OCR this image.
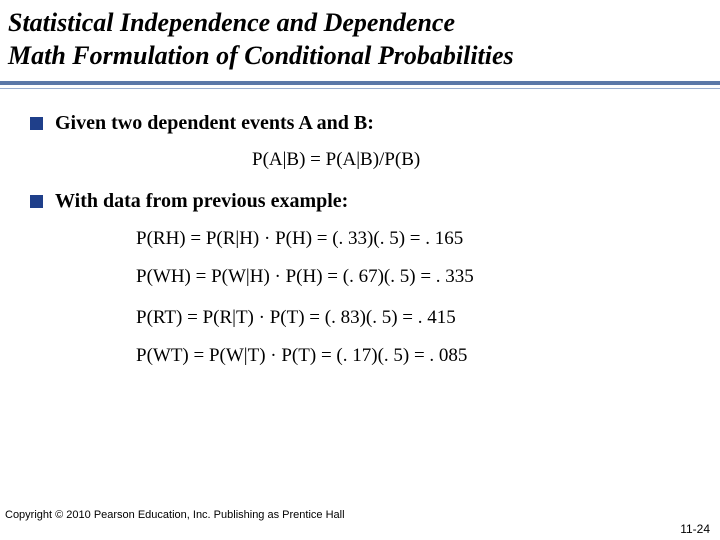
Statistical Independence and Dependence
Math Formulation of Conditional Probabilities
Given two dependent events A and B:
P(A|B) = P(A|B)/P(B)
With data from previous example:
P(RH) = P(R|H) · P(H) = (. 33)(. 5) = . 165
P(WH) = P(W|H) · P(H) = (. 67)(. 5) = . 335
P(RT) = P(R|T) · P(T) = (. 83)(. 5) = . 415
P(WT) = P(W|T) · P(T) = (. 17)(. 5) = . 085
Copyright © 2010 Pearson Education, Inc. Publishing as Prentice Hall
11-24
